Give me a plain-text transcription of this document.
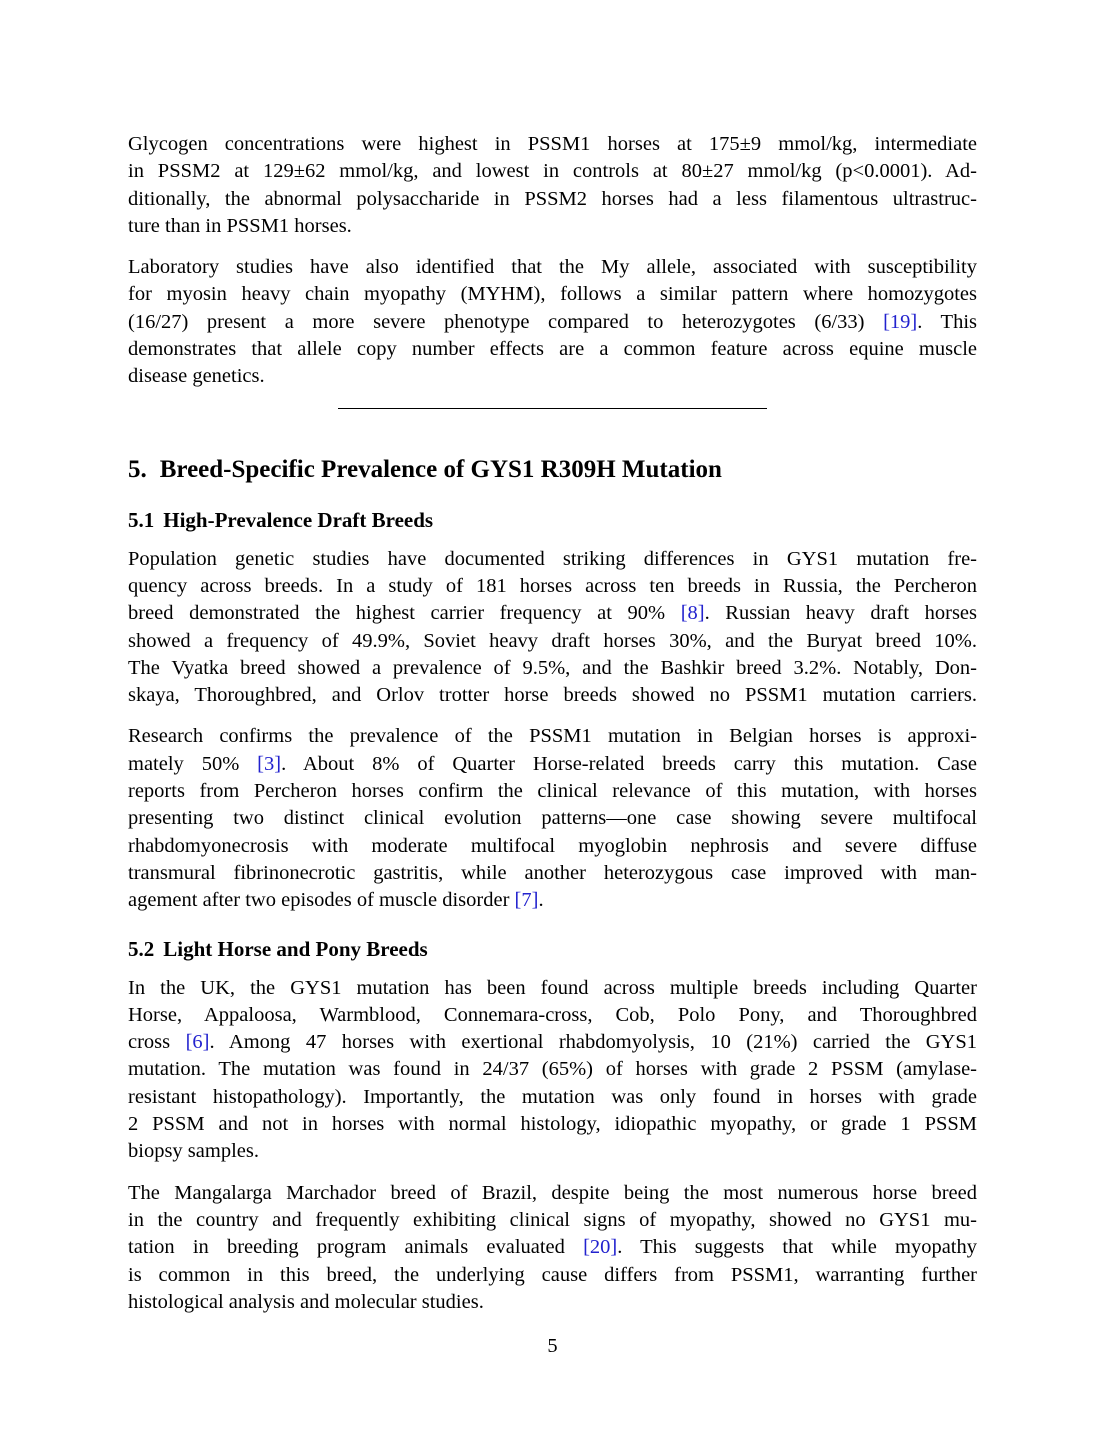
Glycogen concentrations were highest in PSSM1 horses at 175±9 mmol/kg, intermediate
in PSSM2 at 129±62 mmol/kg, and lowest in controls at 80±27 mmol/kg (p<0.0001). Ad-
ditionally, the abnormal polysaccharide in PSSM2 horses had a less filamentous ultrastruc-
ture than in PSSM1 horses.
Laboratory studies have also identified that the My allele, associated with susceptibility
for myosin heavy chain myopathy (MYHM), follows a similar pattern where homozygotes
(16/27) present a more severe phenotype compared to heterozygotes (6/33) [19]. This
demonstrates that allele copy number effects are a common feature across equine muscle
disease genetics.
5. Breed-Specific Prevalence of GYS1 R309H Mutation
5.1 High-Prevalence Draft Breeds
Population genetic studies have documented striking differences in GYS1 mutation fre-
quency across breeds. In a study of 181 horses across ten breeds in Russia, the Percheron
breed demonstrated the highest carrier frequency at 90% [8]. Russian heavy draft horses
showed a frequency of 49.9%, Soviet heavy draft horses 30%, and the Buryat breed 10%.
The Vyatka breed showed a prevalence of 9.5%, and the Bashkir breed 3.2%. Notably, Don-
skaya, Thoroughbred, and Orlov trotter horse breeds showed no PSSM1 mutation carriers.
Research confirms the prevalence of the PSSM1 mutation in Belgian horses is approxi-
mately 50% [3]. About 8% of Quarter Horse-related breeds carry this mutation. Case
reports from Percheron horses confirm the clinical relevance of this mutation, with horses
presenting two distinct clinical evolution patterns—one case showing severe multifocal
rhabdomyonecrosis with moderate multifocal myoglobin nephrosis and severe diffuse
transmural fibrinonecrotic gastritis, while another heterozygous case improved with man-
agement after two episodes of muscle disorder [7].
5.2 Light Horse and Pony Breeds
In the UK, the GYS1 mutation has been found across multiple breeds including Quarter
Horse, Appaloosa, Warmblood, Connemara-cross, Cob, Polo Pony, and Thoroughbred
cross [6]. Among 47 horses with exertional rhabdomyolysis, 10 (21%) carried the GYS1
mutation. The mutation was found in 24/37 (65%) of horses with grade 2 PSSM (amylase-
resistant histopathology). Importantly, the mutation was only found in horses with grade
2 PSSM and not in horses with normal histology, idiopathic myopathy, or grade 1 PSSM
biopsy samples.
The Mangalarga Marchador breed of Brazil, despite being the most numerous horse breed
in the country and frequently exhibiting clinical signs of myopathy, showed no GYS1 mu-
tation in breeding program animals evaluated [20]. This suggests that while myopathy
is common in this breed, the underlying cause differs from PSSM1, warranting further
histological analysis and molecular studies.
5
